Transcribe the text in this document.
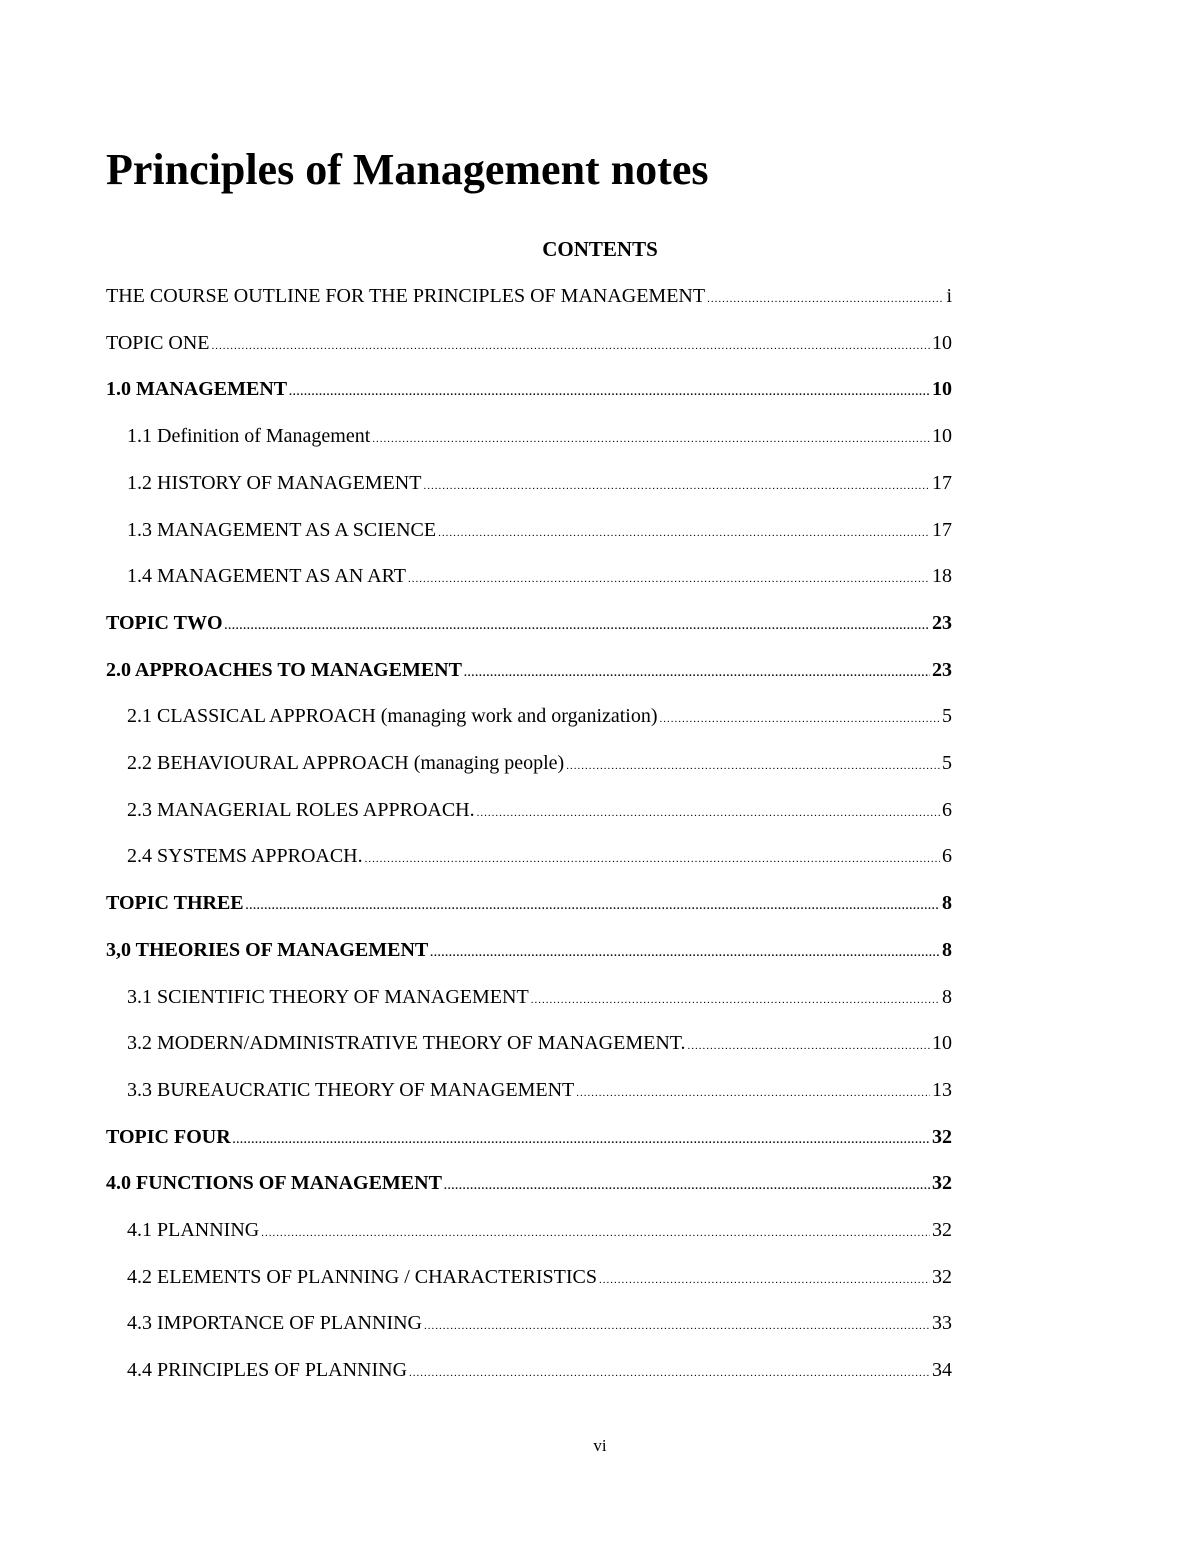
Principles of Management notes
CONTENTS
THE COURSE OUTLINE FOR THE PRINCIPLES OF MANAGEMENT .....	i
TOPIC ONE .....	10
1.0 MANAGEMENT .....	10
1.1 Definition of Management .....	10
1.2 HISTORY OF MANAGEMENT .....	17
1.3 MANAGEMENT AS A SCIENCE .....	17
1.4 MANAGEMENT AS AN ART .....	18
TOPIC TWO .....	23
2.0 APPROACHES TO MANAGEMENT .....	23
2.1 CLASSICAL APPROACH (managing work and organization) .....	5
2.2 BEHAVIOURAL APPROACH (managing people) .....	5
2.3 MANAGERIAL ROLES APPROACH. .....	6
2.4 SYSTEMS APPROACH. .....	6
TOPIC THREE .....	8
3,0 THEORIES OF MANAGEMENT .....	8
3.1 SCIENTIFIC THEORY OF MANAGEMENT .....	8
3.2 MODERN/ADMINISTRATIVE THEORY OF MANAGEMENT. .....	10
3.3 BUREAUCRATIC THEORY OF MANAGEMENT .....	13
TOPIC FOUR .....	32
4.0 FUNCTIONS OF MANAGEMENT .....	32
4.1 PLANNING .....	32
4.2 ELEMENTS OF PLANNING / CHARACTERISTICS .....	32
4.3 IMPORTANCE OF PLANNING .....	33
4.4 PRINCIPLES OF PLANNING .....	34
vi
